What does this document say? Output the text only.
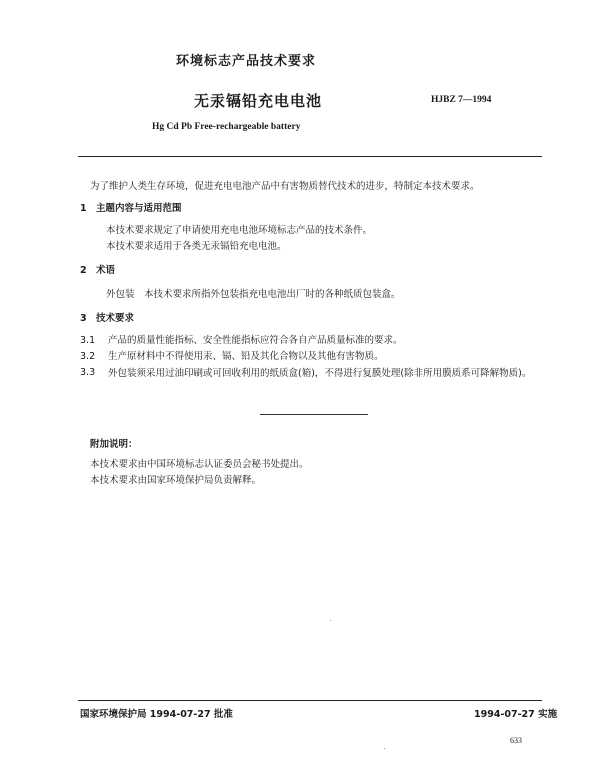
环境标志产品技术要求
无汞镉铅充电电池	HJBZ 7—1994
Hg Cd Pb Free-rechargeable battery
为了维护人类生存环境，促进充电电池产品中有害物质替代技术的进步，特制定本技术要求。
1 主题内容与适用范围
本技术要求规定了申请使用充电电池环境标志产品的技术条件。
本技术要求适用于各类无汞镉铅充电电池。
2 术语
外包装　本技术要求所指外包装指充电电池出厂时的各种纸质包装盒。
3 技术要求
3.1 产品的质量性能指标、安全性能指标应符合各自产品质量标准的要求。
3.2 生产原材料中不得使用汞、镉、铅及其化合物以及其他有害物质。
3.3 外包装须采用过油印刷或可回收利用的纸质盒(箱)，不得进行复膜处理(除非所用膜质系可降解物质)。
附加说明：
本技术要求由中国环境标志认证委员会秘书处提出。
本技术要求由国家环境保护局负责解释。
国家环境保护局 1994-07-27 批准	1994-07-27 实施
633
